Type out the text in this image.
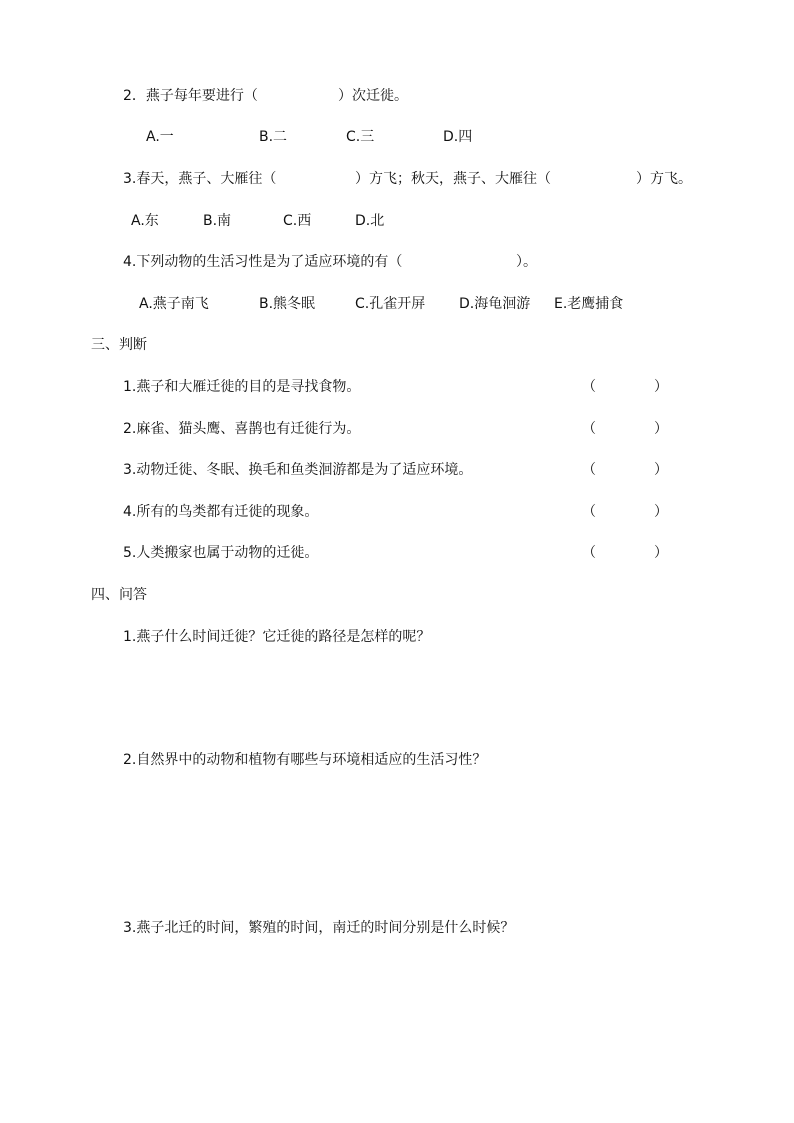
2．燕子每年要进行（	）次迁徙。
A.一	B.二	C.三	D.四
3.春天，燕子、大雁往（	）方飞；秋天，燕子、大雁往（	）方飞。
A.东	B.南	C.西	D.北
4.下列动物的生活习性是为了适应环境的有（	）。
A.燕子南飞	B.熊冬眠	C.孔雀开屏 D.海龟洄游 E.老鹰捕食
三、判断
1.燕子和大雁迁徙的目的是寻找食物。	（	）
2.麻雀、猫头鹰、喜鹊也有迁徙行为。	（	）
3.动物迁徙、冬眠、换毛和鱼类洄游都是为了适应环境。	（	）
4.所有的鸟类都有迁徙的现象。	（	）
5.人类搬家也属于动物的迁徙。	（	）
四、问答
1.燕子什么时间迁徙？它迁徙的路径是怎样的呢？
2.自然界中的动物和植物有哪些与环境相适应的生活习性？
3.燕子北迁的时间，繁殖的时间，南迁的时间分别是什么时候？
